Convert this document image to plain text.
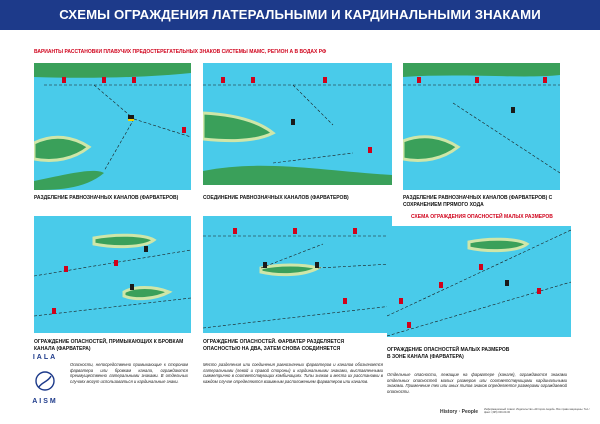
СХЕМЫ ОГРАЖДЕНИЯ ЛАТЕРАЛЬНЫМИ И КАРДИНАЛЬНЫМИ ЗНАКАМИ
ВАРИАНТЫ РАССТАНОВКИ ПЛАВУЧИХ ПРЕДОСТЕРЕГАТЕЛЬНЫХ ЗНАКОВ СИСТЕМЫ МАМС, РЕГИОН А В ВОДАХ РФ
РАЗДЕЛЕНИЕ РАВНОЗНАЧНЫХ КАНАЛОВ (ФАРВАТЕРОВ)	СОЕДИНЕНИЕ РАВНОЗНАЧНЫХ КАНАЛОВ (ФАРВАТЕРОВ)	РАЗДЕЛЕНИЕ РАВНОЗНАЧНЫХ КАНАЛОВ (ФАРВАТЕРОВ) С
СОХРАНЕНИЕМ ПРЯМОГО ХОДА
ОГРАЖДЕНИЕ ОПАСНОСТЕЙ, ПРИМЫКАЮЩИХ К БРОВКАМ
КАНАЛА (ФАРВАТЕРА)
ОГРАЖДЕНИЕ ОПАСНОСТЕЙ. ФАРВАТЕР РАЗДЕЛЯЕТСЯ
ОПАСНОСТЬЮ НА ДВА, ЗАТЕМ СНОВА СОЕДИНЯЕТСЯ
СХЕМА ОГРАЖДЕНИЯ ОПАСНОСТЕЙ МАЛЫХ РАЗМЕРОВ
ОГРАЖДЕНИЕ ОПАСНОСТЕЙ МАЛЫХ РАЗМЕРОВ
В ЗОНЕ КАНАЛА (ФАРВАТЕРА)
IALA
AISM
Опасности, непосредственно примыкающие к сторонам фарватера или бровкам канала, ограждаются преимущественно латеральными знаками. В отдельных случаях могут использоваться и кардинальные знаки.
Место разделения или соединения равнозначных фарватеров и каналов обозначается латеральными (левой и правой стороны) и кардинальными знаками, выставленными симметрично в соответствующих комбинациях. Типы знаков и места их расстановки в каждом случае определяются взаимным расположением фарватеров или каналов.
Отдельные опасности, лежащие на фарватере (канале), ограждаются знаками отдельных опасностей малых размеров или соответствующими кардинальными знаками. Применение тех или иных типов знаков определяется размерами ограждаемой опасности.
History · People Информационный плакат. Издательство «История людей». Все права защищены. Тел./факс: (495) 000-00-00
